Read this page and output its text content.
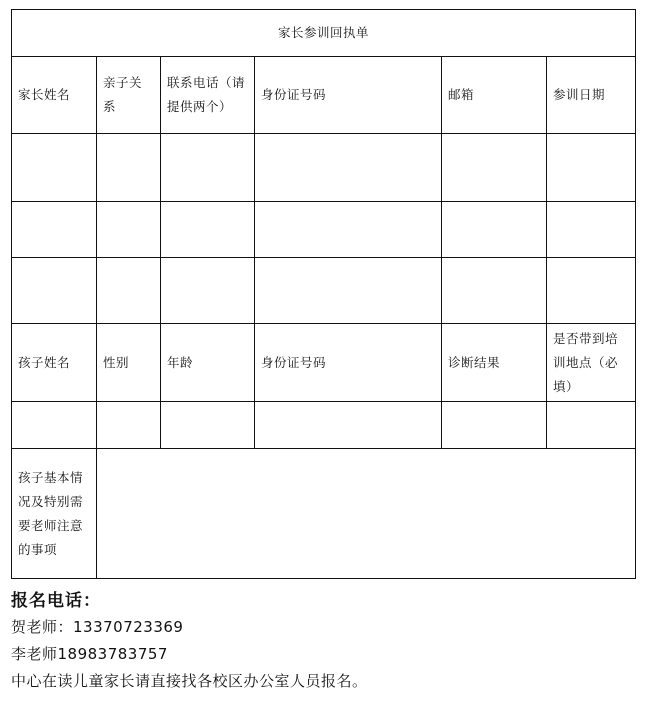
家长参训回执单					
家长姓名	亲子关系	联系电话（请提供两个）	身份证号码	邮箱	参训日期

孩子姓名	性别	年龄	身份证号码	诊断结果	是否带到培训地点（必填）

孩子基本情况及特别需要老师注意的事项					
报名电话：
贺老师：13370723369
李老师18983783757
中心在读儿童家长请直接找各校区办公室人员报名。
